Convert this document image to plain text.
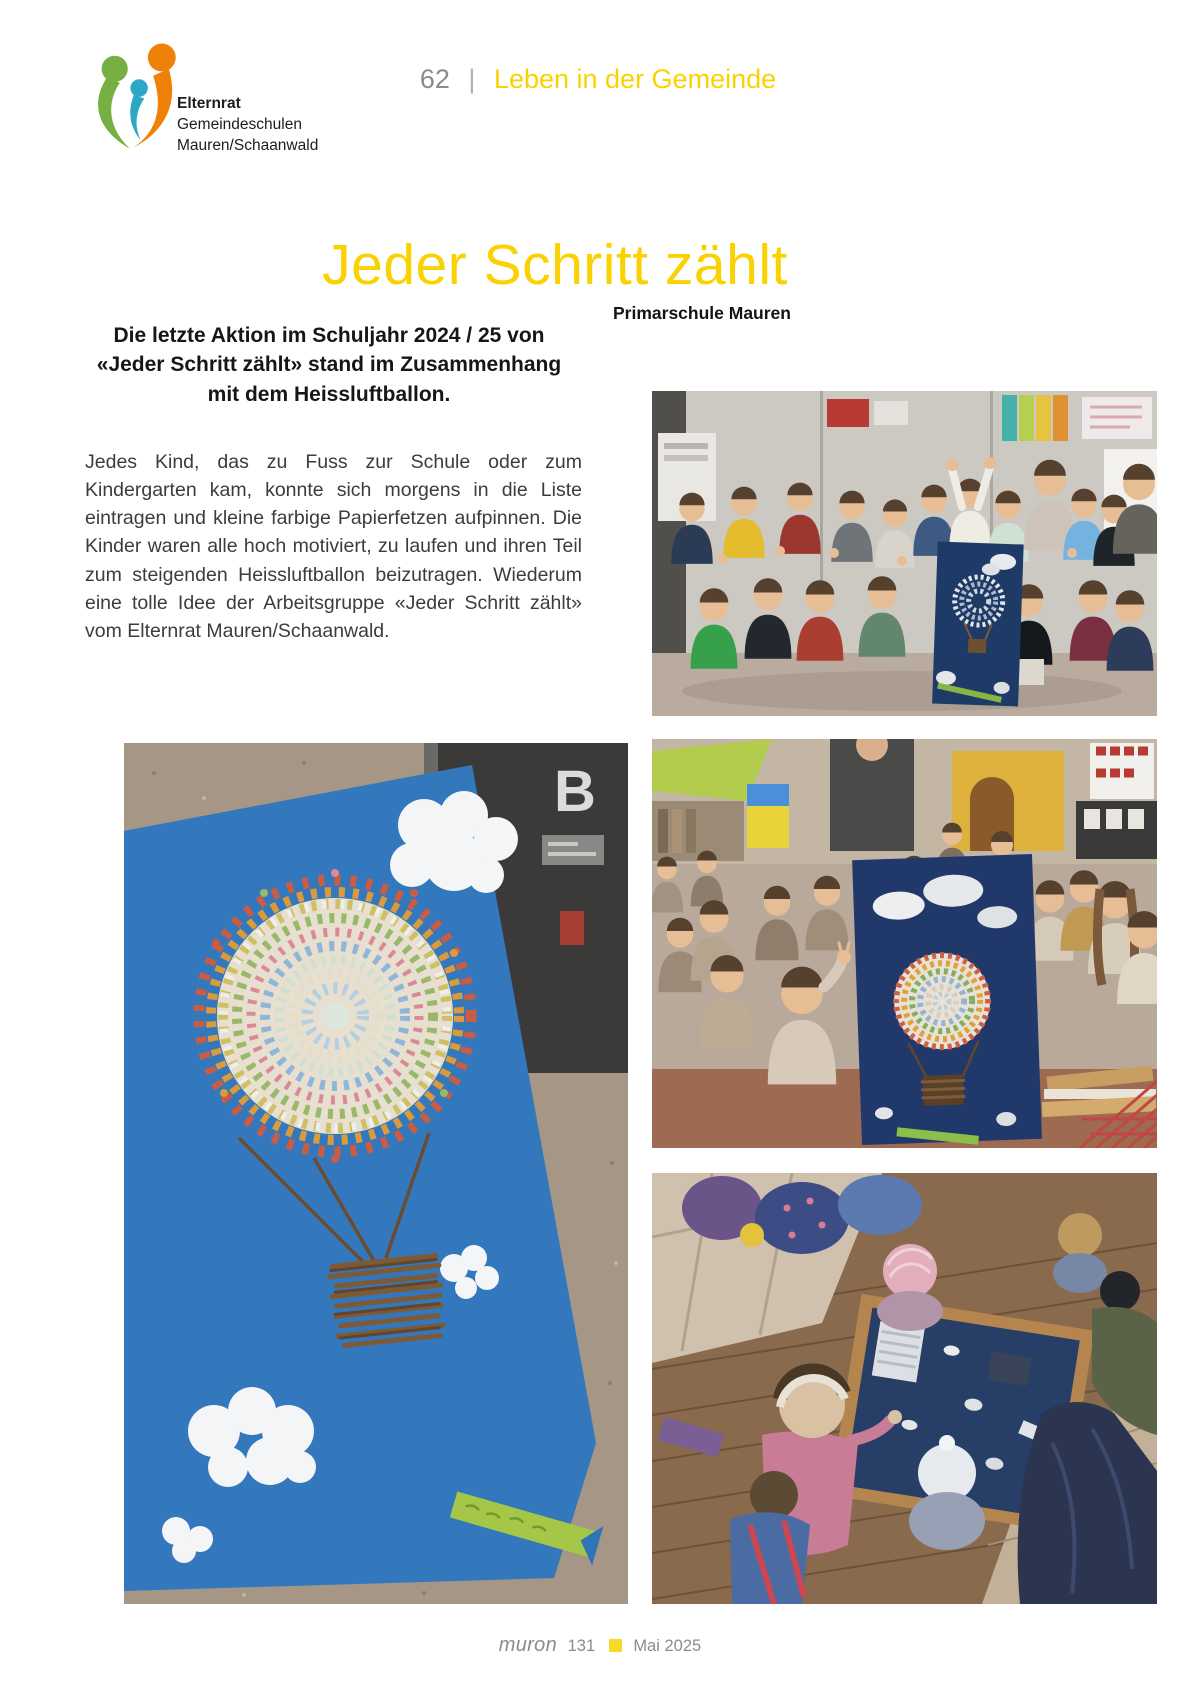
Elternrat
Gemeindeschulen
Mauren/Schaanwald
62 | Leben in der Gemeinde
Jeder Schritt zählt

Die letzte Aktion im Schuljahr 2024 / 25 von «Jeder Schritt zählt» stand im Zusammenhang mit dem Heissluftballon.

Jedes Kind, das zu Fuss zur Schule oder zum Kindergarten kam, konnte sich morgens in die Liste eintragen und kleine farbige Papierfetzen aufpinnen. Die Kinder waren alle hoch motiviert, zu laufen und ihren Teil zum steigenden Heissluftballon beizutragen. Wiederum eine tolle Idee der Arbeitsgruppe «Jeder Schritt zählt» vom Elternrat Mauren/Schaanwald.

Primarschule Mauren
B
muron 131 Mai 2025
